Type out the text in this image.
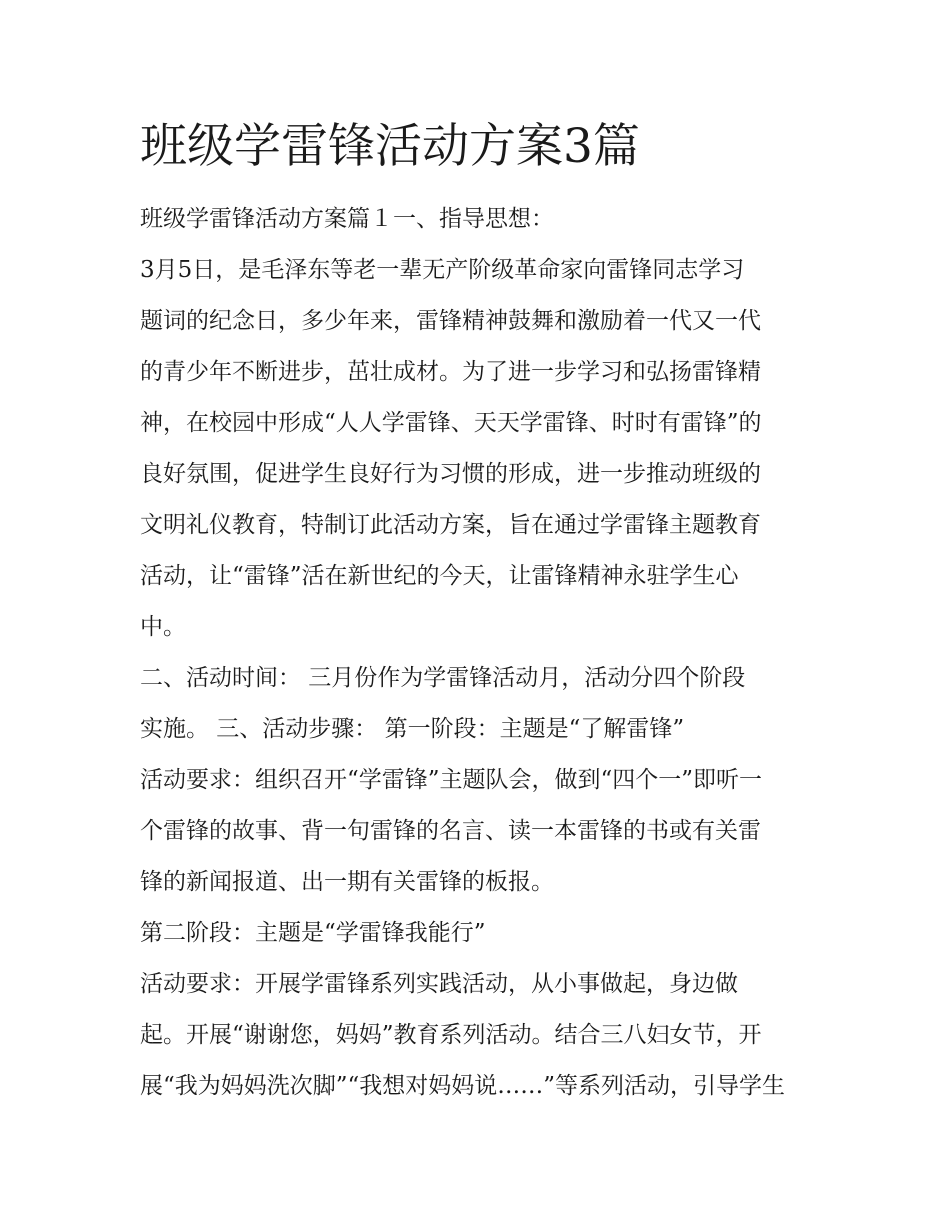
班级学雷锋活动方案3篇
班级学雷锋活动方案篇１一、指导思想：
3月5日，是毛泽东等老一辈无产阶级革命家向雷锋同志学习
题词的纪念日，多少年来，雷锋精神鼓舞和激励着一代又一代
的青少年不断进步，茁壮成材。为了进一步学习和弘扬雷锋精
神，在校园中形成“人人学雷锋、天天学雷锋、时时有雷锋”的
良好氛围，促进学生良好行为习惯的形成，进一步推动班级的
文明礼仪教育，特制订此活动方案，旨在通过学雷锋主题教育
活动，让“雷锋”活在新世纪的今天，让雷锋精神永驻学生心
中。
二、活动时间： 三月份作为学雷锋活动月，活动分四个阶段
实施。 三、活动步骤： 第一阶段：主题是“了解雷锋”
活动要求：组织召开“学雷锋”主题队会，做到“四个一”即听一
个雷锋的故事、背一句雷锋的名言、读一本雷锋的书或有关雷
锋的新闻报道、出一期有关雷锋的板报。
第二阶段：主题是“学雷锋我能行”
活动要求：开展学雷锋系列实践活动，从小事做起，身边做
起。开展“谢谢您，妈妈”教育系列活动。结合三八妇女节，开
展“我为妈妈洗次脚”“我想对妈妈说……”等系列活动，引导学生
